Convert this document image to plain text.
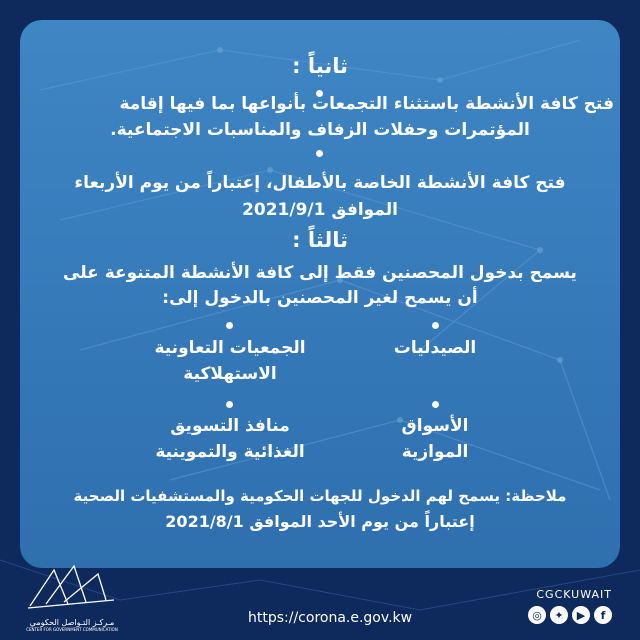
ثانياً :
فتح كافة الأنشطة باستثناء التجمعات بأنواعها بما فيها إقامة
المؤتمرات وحفلات الزفاف والمناسبات الاجتماعية.
فتح كافة الأنشطة الخاصة بالأطفال، إعتباراً من يوم الأربعاء
الموافق 2021/9/1
ثالثاً :
يسمح بدخول المحصنين فقط إلى كافة الأنشطة المتنوعة على
أن يسمح لغير المحصنين بالدخول إلى:
الصيدليات
الجمعيات التعاونية
الاستهلاكية
الأسواق
الموازية
منافذ التسويق
الغذائية والتموينية
ملاحظة: يسمح لهم الدخول للجهات الحكومية والمستشفيات الصحية
إعتباراً من يوم الأحد الموافق 2021/8/1
مـركـز التـواصل الحكومي
CENTER FOR GOVERNMENT COMMUNICATION
https://corona.e.gov.kw
CGCKUWAIT
f
▶
✦
◎
